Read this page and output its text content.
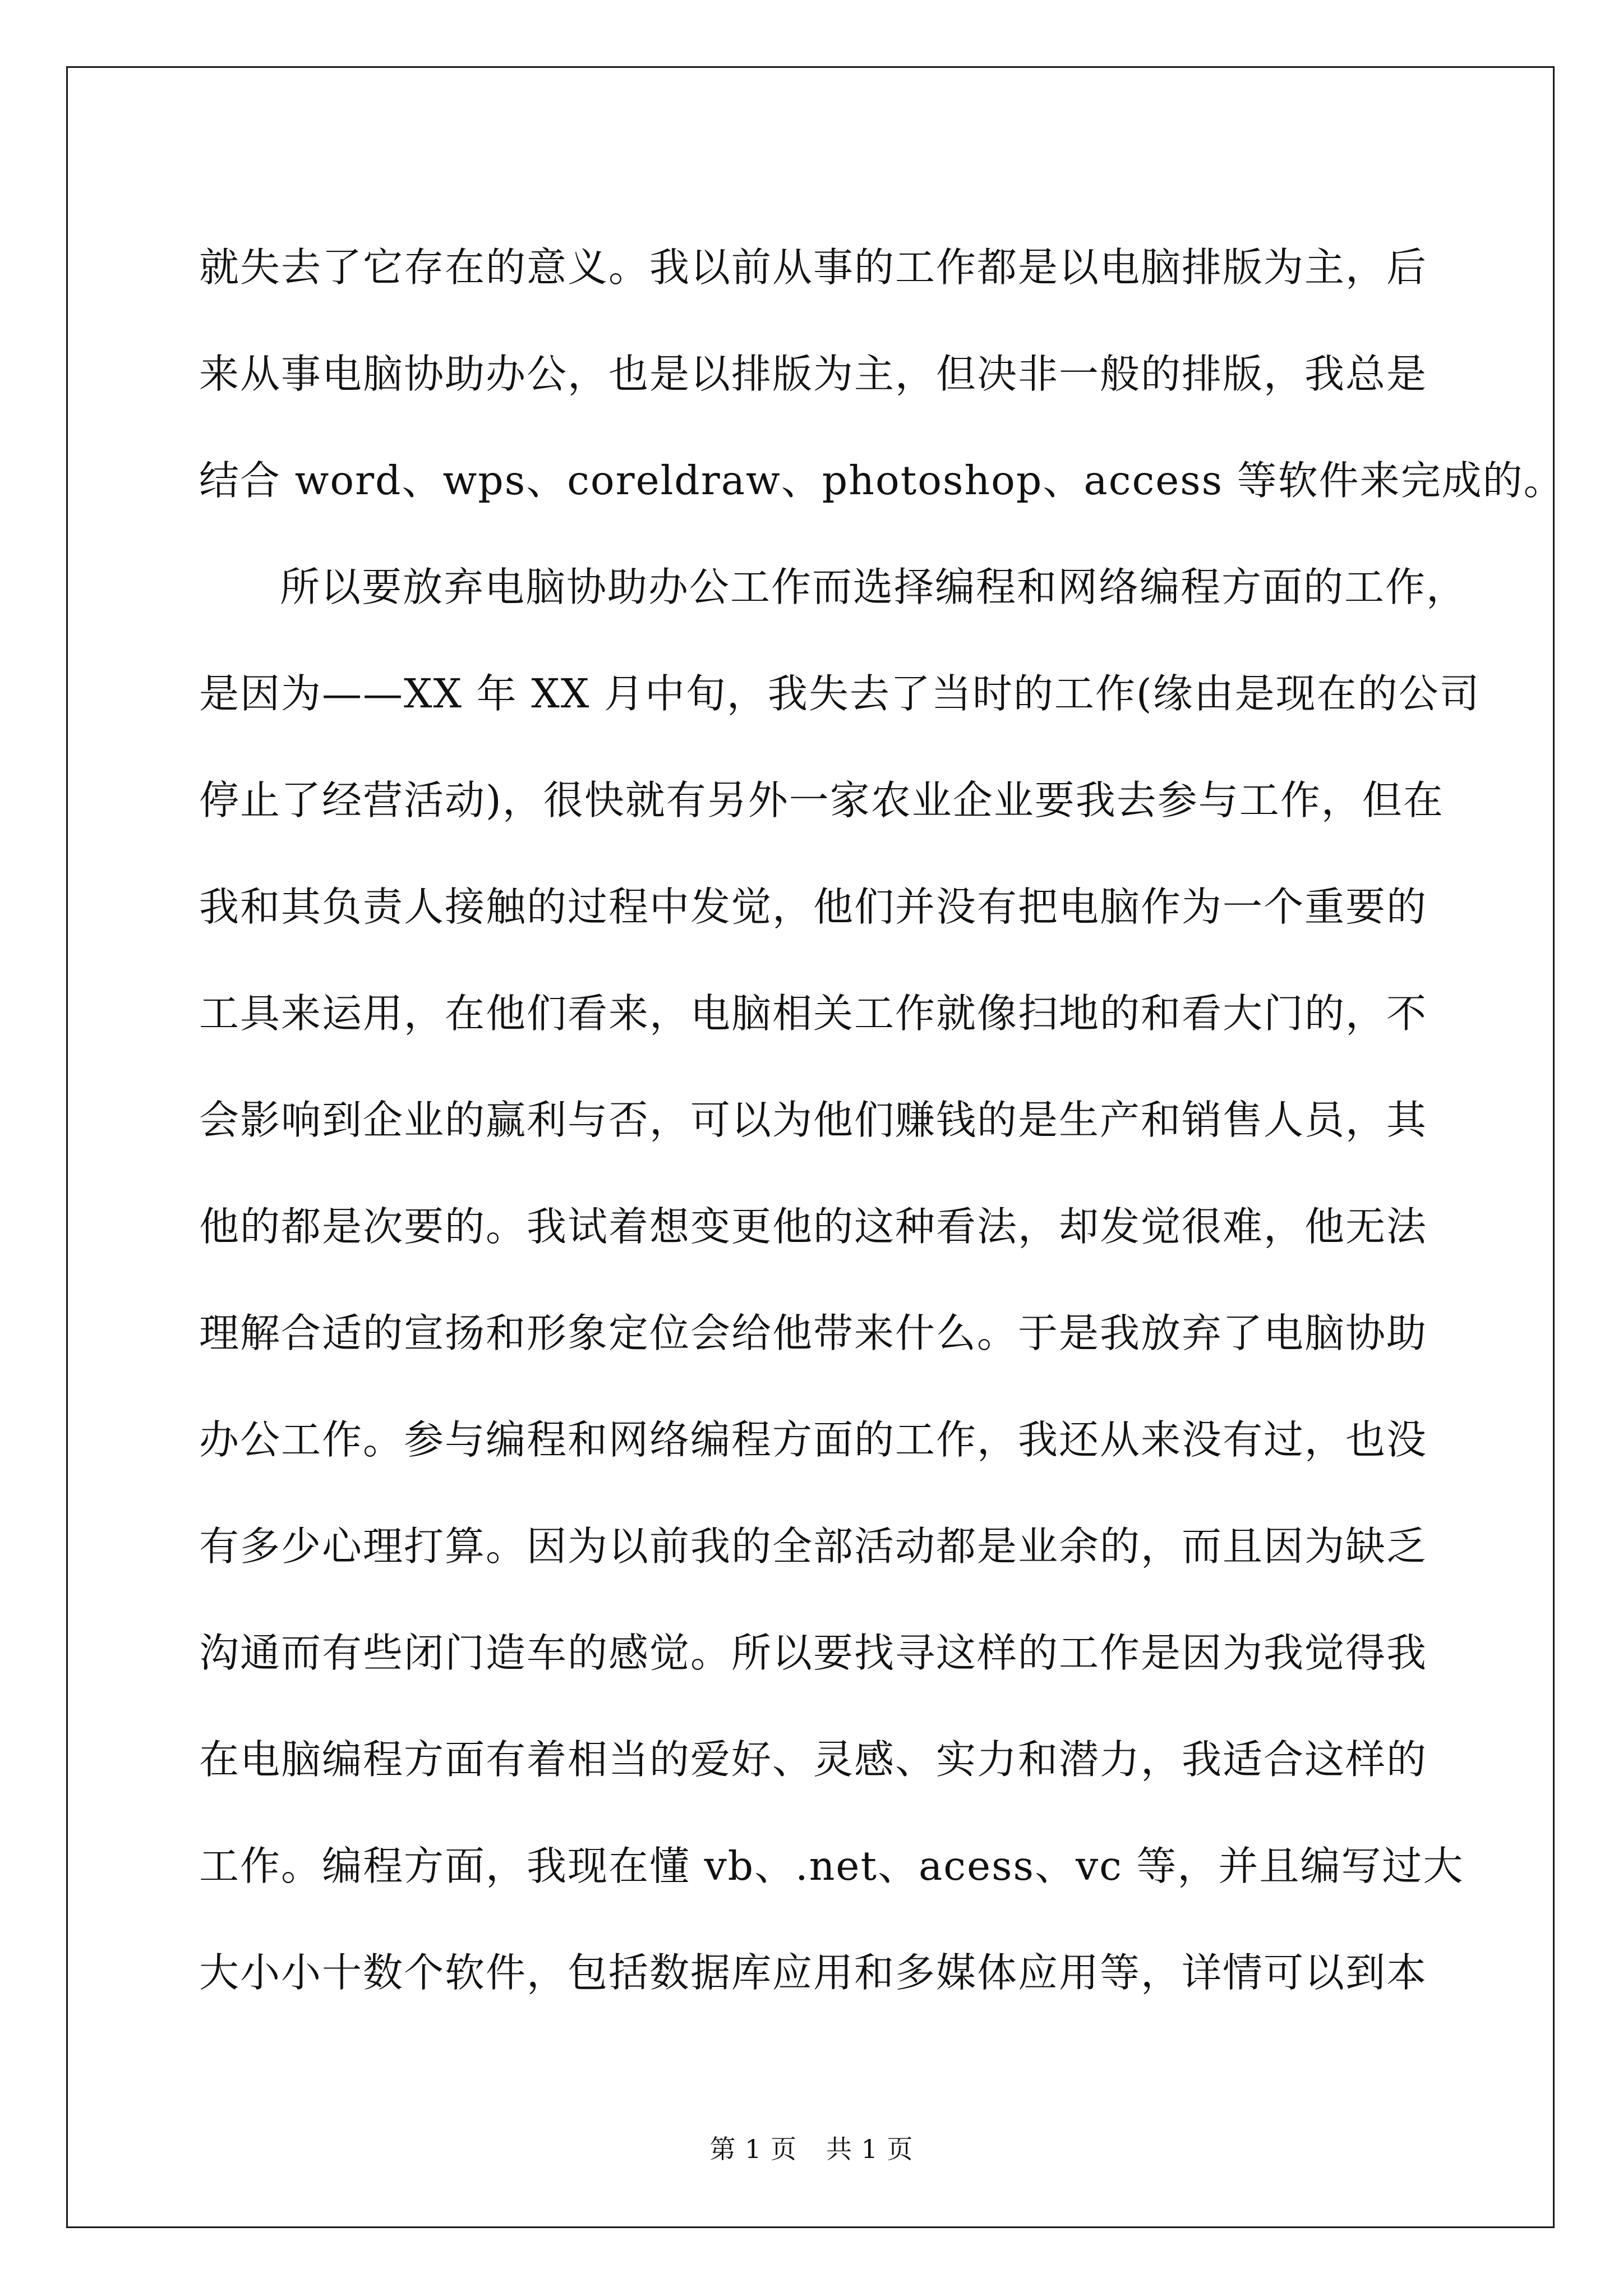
就失去了它存在的意义。我以前从事的工作都是以电脑排版为主，后
来从事电脑协助办公，也是以排版为主，但决非一般的排版，我总是
结合 word、wps、coreldraw、photoshop、access 等软件来完成的。
所以要放弃电脑协助办公工作而选择编程和网络编程方面的工作，
是因为——XX 年 XX 月中旬，我失去了当时的工作(缘由是现在的公司
停止了经营活动)，很快就有另外一家农业企业要我去参与工作，但在
我和其负责人接触的过程中发觉，他们并没有把电脑作为一个重要的
工具来运用，在他们看来，电脑相关工作就像扫地的和看大门的，不
会影响到企业的赢利与否，可以为他们赚钱的是生产和销售人员，其
他的都是次要的。我试着想变更他的这种看法，却发觉很难，他无法
理解合适的宣扬和形象定位会给他带来什么。于是我放弃了电脑协助
办公工作。参与编程和网络编程方面的工作，我还从来没有过，也没
有多少心理打算。因为以前我的全部活动都是业余的，而且因为缺乏
沟通而有些闭门造车的感觉。所以要找寻这样的工作是因为我觉得我
在电脑编程方面有着相当的爱好、灵感、实力和潜力，我适合这样的
工作。编程方面，我现在懂 vb、.net、acess、vc 等，并且编写过大
大小小十数个软件，包括数据库应用和多媒体应用等，详情可以到本
第 1 页 共 1 页
